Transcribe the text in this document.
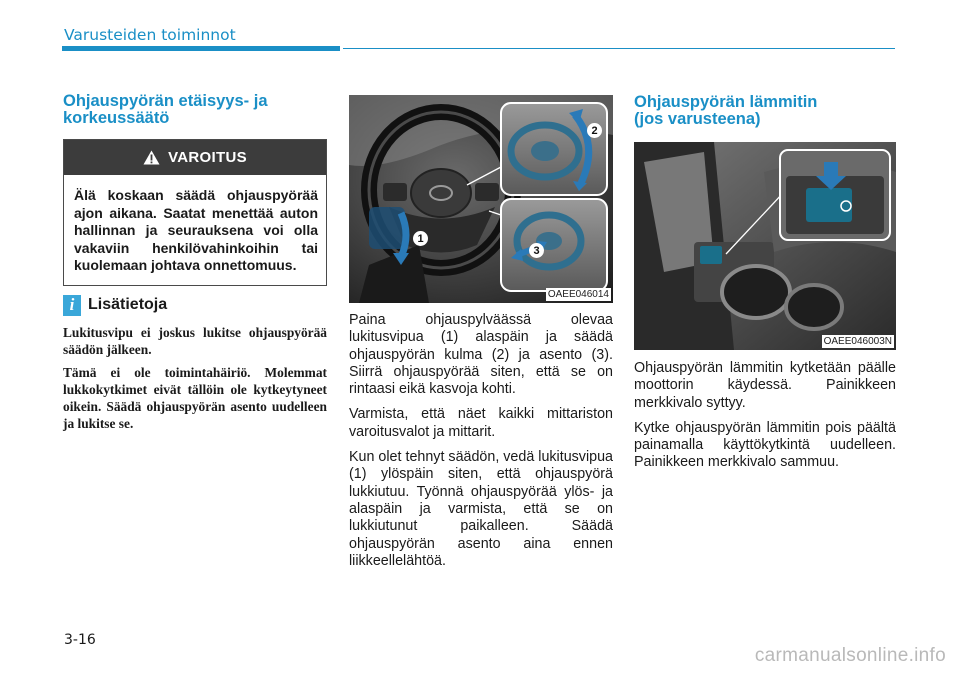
Varusteiden toiminnot
Ohjauspyörän etäisyys- ja korkeussäätö
VAROITUS
Älä koskaan säädä ohjauspyörää ajon aikana. Saatat menettää auton hallinnan ja seurauksena voi olla vakaviin henkilövahinkoihin tai kuolemaan johtava onnettomuus.
i Lisätietoja

Lukitusvipu ei joskus lukitse ohjauspyörää säädön jälkeen.

Tämä ei ole toimintahäiriö. Molemmat lukkokytkimet eivät tällöin ole kytkeytyneet oikein. Säädä ohjauspyörän asento uudelleen ja lukitse se.

1
2
3
OAEE046014

Paina ohjauspylväässä olevaa lukitusvipua (1) alaspäin ja säädä ohjauspyörän kulma (2) ja asento (3). Siirrä ohjauspyörää siten, että se on rintaasi eikä kasvoja kohti.

Varmista, että näet kaikki mittariston varoitusvalot ja mittarit.

Kun olet tehnyt säädön, vedä lukitusvipua (1) ylöspäin siten, että ohjauspyörä lukkiutuu. Työnnä ohjauspyörää ylös- ja alaspäin ja varmista, että se on lukkiutunut paikalleen. Säädä ohjauspyörän asento aina ennen liikkeellelähtöä.

Ohjauspyörän lämmitin
(jos varusteena)
OAEE046003N

Ohjauspyörän lämmitin kytketään päälle moottorin käydessä. Painikkeen merkkivalo syttyy.

Kytke ohjauspyörän lämmitin pois päältä painamalla käyttökytkintä uudelleen. Painikkeen merkkivalo sammuu.

3-16
carmanualsonline.info
